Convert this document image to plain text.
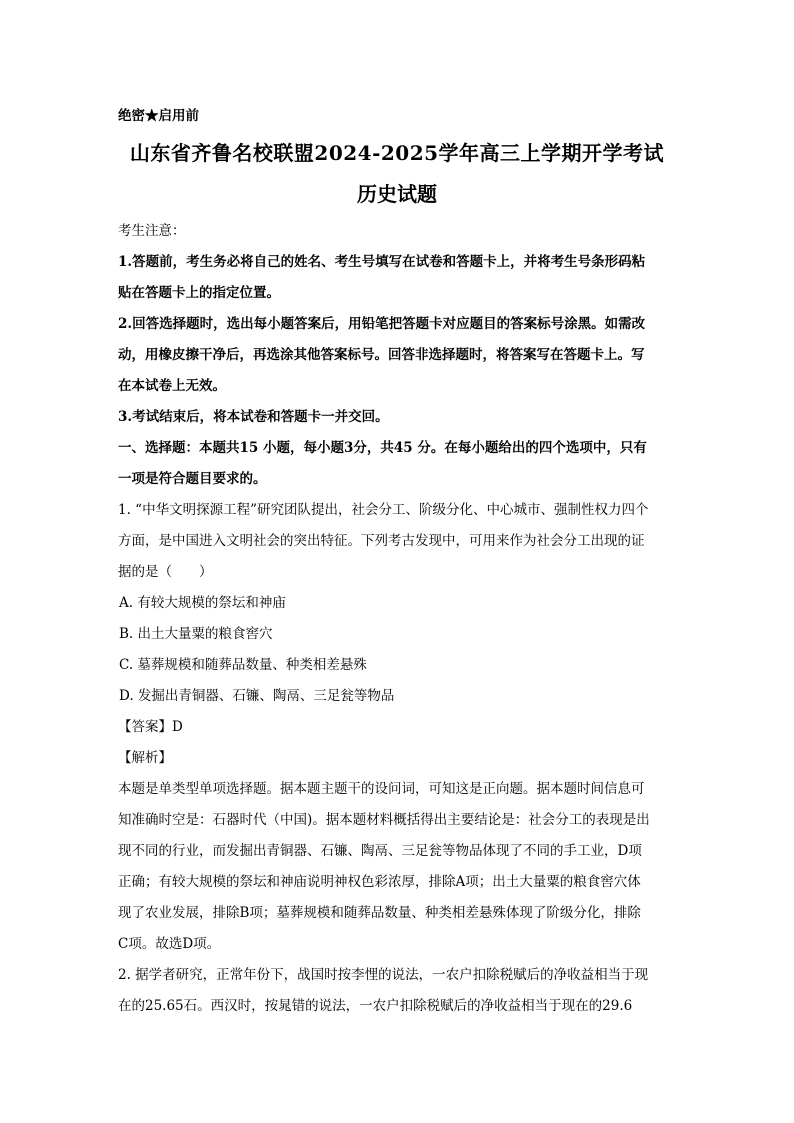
绝密★启用前
山东省齐鲁名校联盟2024-2025学年高三上学期开学考试
历史试题
考生注意：
1.答题前，考生务必将自己的姓名、考生号填写在试卷和答题卡上，并将考生号条形码粘
贴在答题卡上的指定位置。
2.回答选择题时，选出每小题答案后，用铅笔把答题卡对应题目的答案标号涂黑。如需改
动，用橡皮擦干净后，再选涂其他答案标号。回答非选择题时，将答案写在答题卡上。写
在本试卷上无效。
3.考试结束后，将本试卷和答题卡一并交回。
一、选择题：本题共15 小题，每小题3分，共45 分。在每小题给出的四个选项中，只有
一项是符合题目要求的。
1. “中华文明探源工程”研究团队提出，社会分工、阶级分化、中心城市、强制性权力四个
方面，是中国进入文明社会的突出特征。下列考古发现中，可用来作为社会分工出现的证
据的是（　　）
A. 有较大规模的祭坛和神庙
B. 出土大量粟的粮食窖穴
C. 墓葬规模和随葬品数量、种类相差悬殊
D. 发掘出青铜器、石镰、陶鬲、三足瓮等物品
【答案】D
【解析】
本题是单类型单项选择题。据本题主题干的设问词，可知这是正向题。据本题时间信息可
知准确时空是：石器时代（中国)。据本题材料概括得出主要结论是：社会分工的表现是出
现不同的行业，而发掘出青铜器、石镰、陶鬲、三足瓮等物品体现了不同的手工业，D项
正确；有较大规模的祭坛和神庙说明神权色彩浓厚，排除A项；出土大量粟的粮食窖穴体
现了农业发展，排除B项；墓葬规模和随葬品数量、种类相差悬殊体现了阶级分化，排除
C项。故选D项。
2. 据学者研究，正常年份下，战国时按李悝的说法，一农户扣除税赋后的净收益相当于现
在的25.65石。西汉时，按晁错的说法，一农户扣除税赋后的净收益相当于现在的29.6
